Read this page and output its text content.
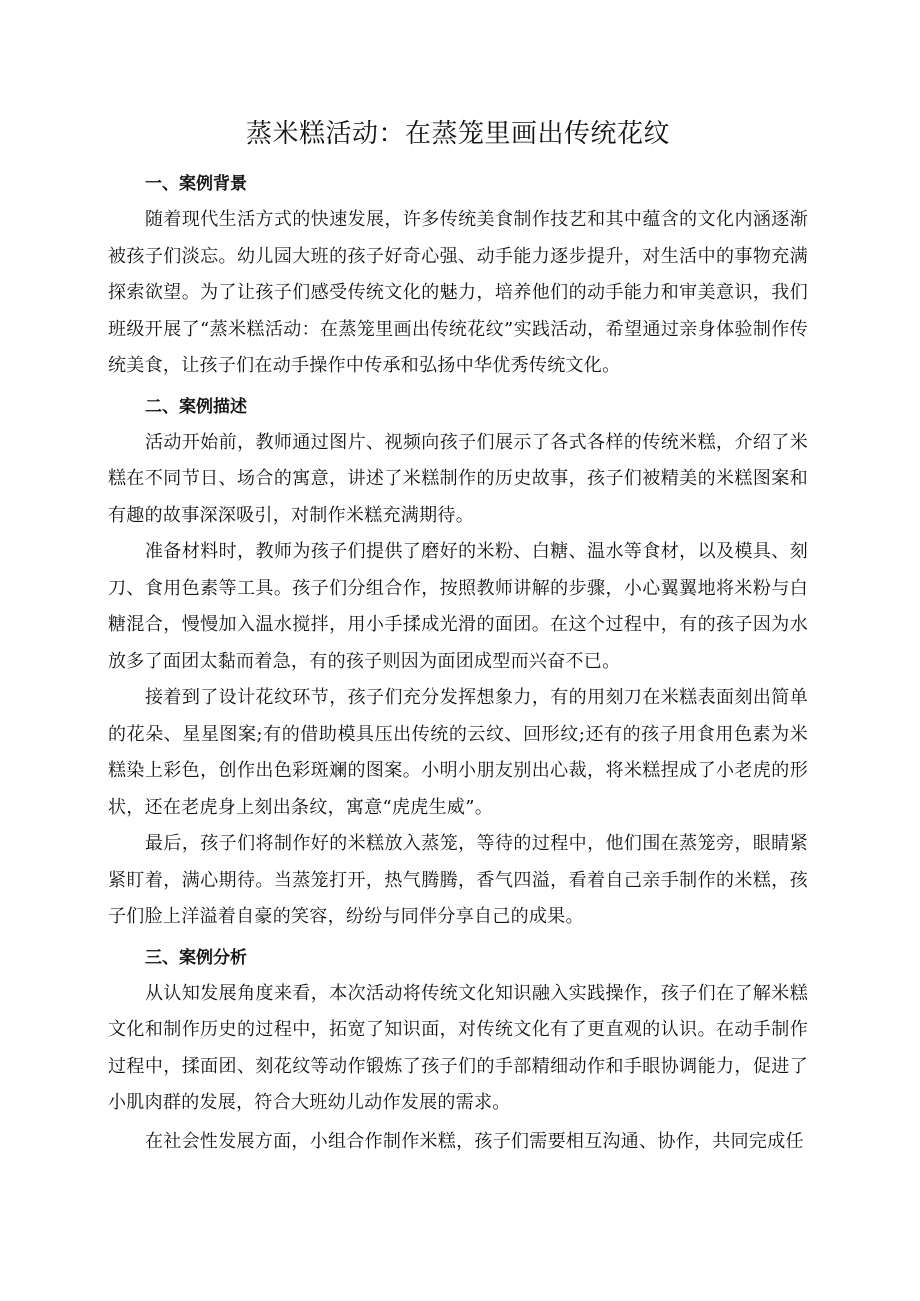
蒸米糕活动：在蒸笼里画出传统花纹
一、案例背景

随着现代生活方式的快速发展，许多传统美食制作技艺和其中蕴含的文化内涵逐渐被孩子们淡忘。幼儿园大班的孩子好奇心强、动手能力逐步提升，对生活中的事物充满探索欲望。为了让孩子们感受传统文化的魅力，培养他们的动手能力和审美意识，我们班级开展了“蒸米糕活动：在蒸笼里画出传统花纹”实践活动，希望通过亲身体验制作传统美食，让孩子们在动手操作中传承和弘扬中华优秀传统文化。

二、案例描述

活动开始前，教师通过图片、视频向孩子们展示了各式各样的传统米糕，介绍了米糕在不同节日、场合的寓意，讲述了米糕制作的历史故事，孩子们被精美的米糕图案和有趣的故事深深吸引，对制作米糕充满期待。

准备材料时，教师为孩子们提供了磨好的米粉、白糖、温水等食材，以及模具、刻刀、食用色素等工具。孩子们分组合作，按照教师讲解的步骤，小心翼翼地将米粉与白糖混合，慢慢加入温水搅拌，用小手揉成光滑的面团。在这个过程中，有的孩子因为水放多了面团太黏而着急，有的孩子则因为面团成型而兴奋不已。

接着到了设计花纹环节，孩子们充分发挥想象力，有的用刻刀在米糕表面刻出简单的花朵、星星图案;有的借助模具压出传统的云纹、回形纹;还有的孩子用食用色素为米糕染上彩色，创作出色彩斑斓的图案。小明小朋友别出心裁，将米糕捏成了小老虎的形状，还在老虎身上刻出条纹，寓意“虎虎生威”。

最后，孩子们将制作好的米糕放入蒸笼，等待的过程中，他们围在蒸笼旁，眼睛紧紧盯着，满心期待。当蒸笼打开，热气腾腾，香气四溢，看着自己亲手制作的米糕，孩子们脸上洋溢着自豪的笑容，纷纷与同伴分享自己的成果。

三、案例分析

从认知发展角度来看，本次活动将传统文化知识融入实践操作，孩子们在了解米糕文化和制作历史的过程中，拓宽了知识面，对传统文化有了更直观的认识。在动手制作过程中，揉面团、刻花纹等动作锻炼了孩子们的手部精细动作和手眼协调能力，促进了小肌肉群的发展，符合大班幼儿动作发展的需求。

在社会性发展方面，小组合作制作米糕，孩子们需要相互沟通、协作，共同完成任
